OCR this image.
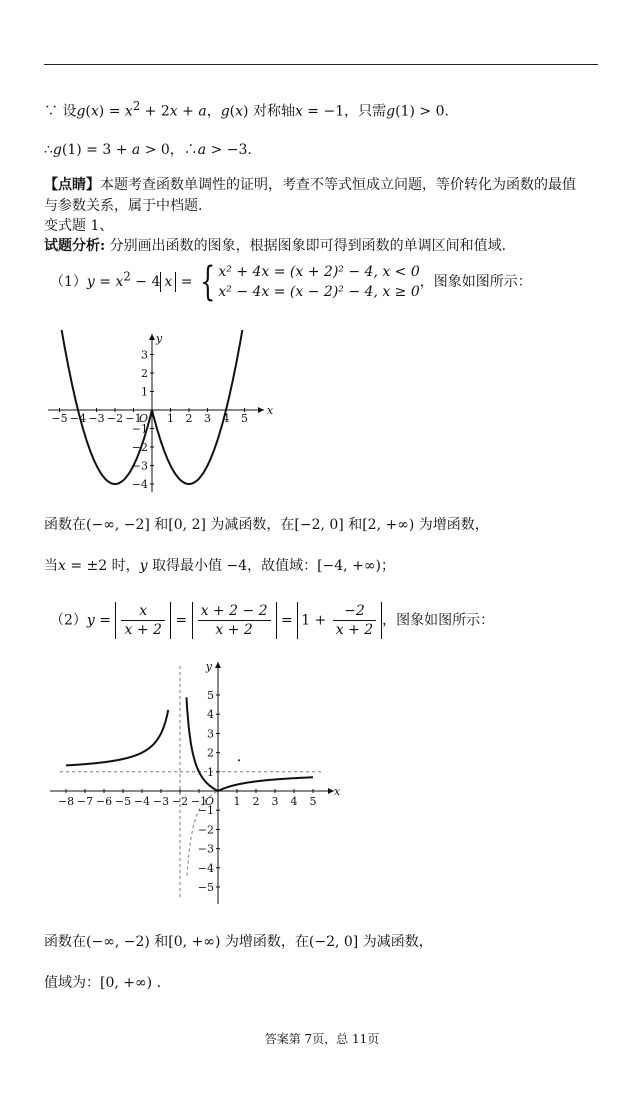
∵ 设$g(x) = x^2 + 2x + a$，g(x) 对称轴x = −1，只需g(1) > 0.
∴g(1) = 3 + a > 0，∴a > −3.
【点睛】本题考查函数单调性的证明，考查不等式恒成立问题，等价转化为函数的最值
与参数关系，属于中档题.
变式题 1、
试题分析: 分别画出函数的图象，根据图象即可得到函数的单调区间和值域.
$(1)y = x^2 - 4$ x = { x² + 4x = (x + 2)² − 4, x < 0
x² − 4x = (x − 2)² − 4, x ≥ 0
，图象如图所示：
x
y
O
−5 −4 −3 −2 −1 1 2 3 4 5
3
2
1
−1
−2
−3
−4
函数在(−∞, −2] 和[0, 2] 为减函数，在[−2, 0] 和[2, +∞) 为增函数，
当x = ±2 时，y 取得最小值 −4，故值域：[−4, +∞)；
$(2)y = \frac{x}{x + 2} = \frac{x + 2 - 2}{x + 2} = 1 + \frac{-2}{x + 2}$ ，图象如图所示：
x
y
O
−8 −7 −6 −5 −4 −3 −2 −1 1 2 3 4 5
5
4
3
2
1
−1
−2
−3
−4
−5
函数在(−∞, −2) 和[0, +∞) 为增函数，在(−2, 0] 为减函数，
值域为：[0, +∞) .
答案第 7页，总 11页
